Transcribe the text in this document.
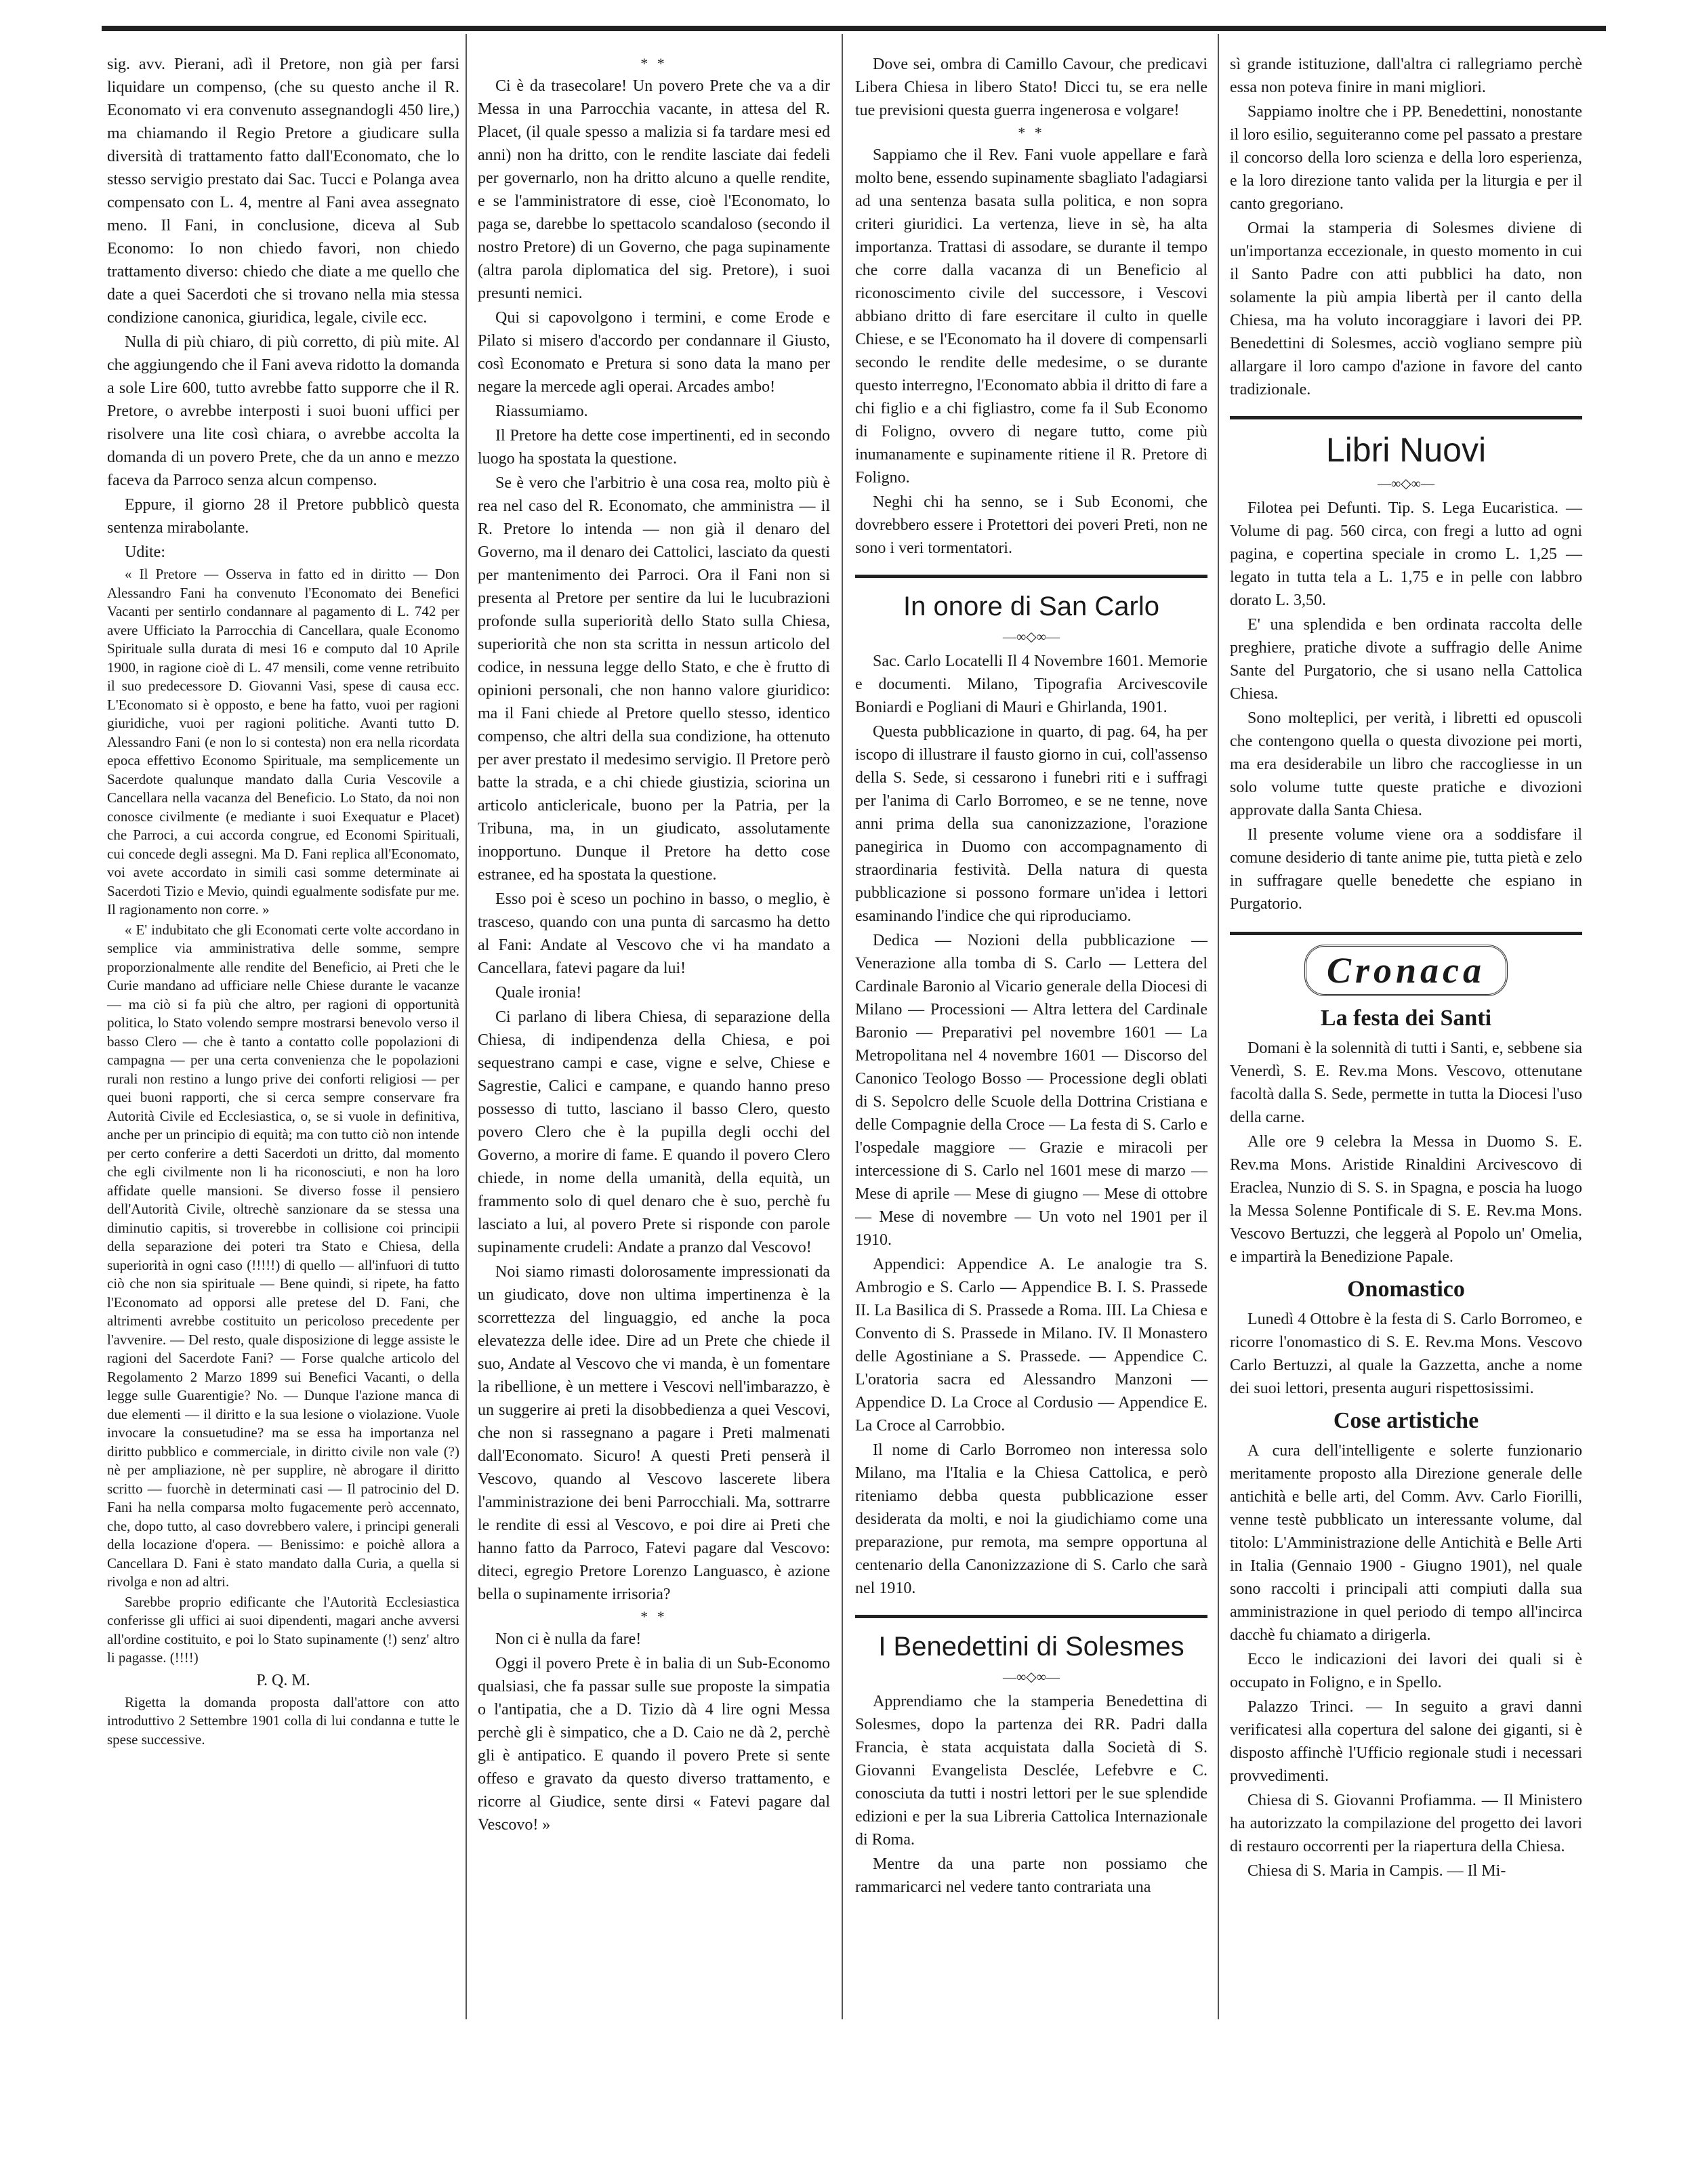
sig. avv. Pierani, adì il Pretore, non già per farsi liquidare un compenso, (che su questo anche il R. Economato vi era convenuto assegnandogli 450 lire,) ma chiamando il Regio Pretore a giudicare sulla diversità di trattamento fatto dall'Economato, che lo stesso servigio prestato dai Sac. Tucci e Polanga avea compensato con L. 4, mentre al Fani avea assegnato meno. Il Fani, in conclusione, diceva al Sub Economo: Io non chiedo favori, non chiedo trattamento diverso: chiedo che diate a me quello che date a quei Sacerdoti che si trovano nella mia stessa condizione canonica, giuridica, legale, civile ecc.

Nulla di più chiaro, di più corretto, di più mite. Al che aggiungendo che il Fani aveva ridotto la domanda a sole Lire 600, tutto avrebbe fatto supporre che il R. Pretore, o avrebbe interposti i suoi buoni uffici per risolvere una lite così chiara, o avrebbe accolta la domanda di un povero Prete, che da un anno e mezzo faceva da Parroco senza alcun compenso.

Eppure, il giorno 28 il Pretore pubblicò questa sentenza mirabolante.

Udite:

« Il Pretore — Osserva in fatto ed in diritto — Don Alessandro Fani ha convenuto l'Economato dei Benefici Vacanti per sentirlo condannare al pagamento di L. 742 per avere Ufficiato la Parrocchia di Cancellara, quale Economo Spirituale sulla durata di mesi 16 e computo dal 10 Aprile 1900, in ragione cioè di L. 47 mensili, come venne retribuito il suo predecessore D. Giovanni Vasi, spese di causa ecc. L'Economato si è opposto, e bene ha fatto, vuoi per ragioni giuridiche, vuoi per ragioni politiche. Avanti tutto D. Alessandro Fani (e non lo si contesta) non era nella ricordata epoca effettivo Economo Spirituale, ma semplicemente un Sacerdote qualunque mandato dalla Curia Vescovile a Cancellara nella vacanza del Beneficio. Lo Stato, da noi non conosce civilmente (e mediante i suoi Exequatur e Placet) che Parroci, a cui accorda congrue, ed Economi Spirituali, cui concede degli assegni. Ma D. Fani replica all'Economato, voi avete accordato in simili casi somme determinate ai Sacerdoti Tizio e Mevio, quindi egualmente sodisfate pur me. Il ragionamento non corre. »

« E' indubitato che gli Economati certe volte accordano in semplice via amministrativa delle somme, sempre proporzionalmente alle rendite del Beneficio, ai Preti che le Curie mandano ad ufficiare nelle Chiese durante le vacanze — ma ciò si fa più che altro, per ragioni di opportunità politica, lo Stato volendo sempre mostrarsi benevolo verso il basso Clero — che è tanto a contatto colle popolazioni di campagna — per una certa convenienza che le popolazioni rurali non restino a lungo prive dei conforti religiosi — per quei buoni rapporti, che si cerca sempre conservare fra Autorità Civile ed Ecclesiastica, o, se si vuole in definitiva, anche per un principio di equità; ma con tutto ciò non intende per certo conferire a detti Sacerdoti un dritto, dal momento che egli civilmente non li ha riconosciuti, e non ha loro affidate quelle mansioni. Se diverso fosse il pensiero dell'Autorità Civile, oltrechè sanzionare da se stessa una diminutio capitis, si troverebbe in collisione coi principii della separazione dei poteri tra Stato e Chiesa, della superiorità in ogni caso (!!!!!) di quello — all'infuori di tutto ciò che non sia spirituale — Bene quindi, si ripete, ha fatto l'Economato ad opporsi alle pretese del D. Fani, che altrimenti avrebbe costituito un pericoloso precedente per l'avvenire. — Del resto, quale disposizione di legge assiste le ragioni del Sacerdote Fani? — Forse qualche articolo del Regolamento 2 Marzo 1899 sui Benefici Vacanti, o della legge sulle Guarentigie? No. — Dunque l'azione manca di due elementi — il diritto e la sua lesione o violazione. Vuole invocare la consuetudine? ma se essa ha importanza nel diritto pubblico e commerciale, in diritto civile non vale (?) nè per ampliazione, nè per supplire, nè abrogare il diritto scritto — fuorchè in determinati casi — Il patrocinio del D. Fani ha nella comparsa molto fugacemente però accennato, che, dopo tutto, al caso dovrebbero valere, i principi generali della locazione d'opera. — Benissimo: e poichè allora a Cancellara D. Fani è stato mandato dalla Curia, a quella si rivolga e non ad altri.

Sarebbe proprio edificante che l'Autorità Ecclesiastica conferisse gli uffici ai suoi dipendenti, magari anche avversi all'ordine costituito, e poi lo Stato supinamente (!) senz' altro li pagasse. (!!!!)

P. Q. M.

Rigetta la domanda proposta dall'attore con atto introduttivo 2 Settembre 1901 colla di lui condanna e tutte le spese successive.

* *

Ci è da trasecolare! Un povero Prete che va a dir Messa in una Parrocchia vacante, in attesa del R. Placet, (il quale spesso a malizia si fa tardare mesi ed anni) non ha dritto, con le rendite lasciate dai fedeli per governarlo, non ha dritto alcuno a quelle rendite, e se l'amministratore di esse, cioè l'Economato, lo paga se, darebbe lo spettacolo scandaloso (secondo il nostro Pretore) di un Governo, che paga supinamente (altra parola diplomatica del sig. Pretore), i suoi presunti nemici.

Qui si capovolgono i termini, e come Erode e Pilato si misero d'accordo per condannare il Giusto, così Economato e Pretura si sono data la mano per negare la mercede agli operai. Arcades ambo!

Riassumiamo.

Il Pretore ha dette cose impertinenti, ed in secondo luogo ha spostata la questione.

Se è vero che l'arbitrio è una cosa rea, molto più è rea nel caso del R. Economato, che amministra — il R. Pretore lo intenda — non già il denaro del Governo, ma il denaro dei Cattolici, lasciato da questi per mantenimento dei Parroci. Ora il Fani non si presenta al Pretore per sentire da lui le lucubrazioni profonde sulla superiorità dello Stato sulla Chiesa, superiorità che non sta scritta in nessun articolo del codice, in nessuna legge dello Stato, e che è frutto di opinioni personali, che non hanno valore giuridico: ma il Fani chiede al Pretore quello stesso, identico compenso, che altri della sua condizione, ha ottenuto per aver prestato il medesimo servigio. Il Pretore però batte la strada, e a chi chiede giustizia, sciorina un articolo anticlericale, buono per la Patria, per la Tribuna, ma, in un giudicato, assolutamente inopportuno. Dunque il Pretore ha detto cose estranee, ed ha spostata la questione.

Esso poi è sceso un pochino in basso, o meglio, è trasceso, quando con una punta di sarcasmo ha detto al Fani: Andate al Vescovo che vi ha mandato a Cancellara, fatevi pagare da lui!

Quale ironia!

Ci parlano di libera Chiesa, di separazione della Chiesa, di indipendenza della Chiesa, e poi sequestrano campi e case, vigne e selve, Chiese e Sagrestie, Calici e campane, e quando hanno preso possesso di tutto, lasciano il basso Clero, questo povero Clero che è la pupilla degli occhi del Governo, a morire di fame. E quando il povero Clero chiede, in nome della umanità, della equità, un frammento solo di quel denaro che è suo, perchè fu lasciato a lui, al povero Prete si risponde con parole supinamente crudeli: Andate a pranzo dal Vescovo!

Noi siamo rimasti dolorosamente impressionati da un giudicato, dove non ultima impertinenza è la scorrettezza del linguaggio, ed anche la poca elevatezza delle idee. Dire ad un Prete che chiede il suo, Andate al Vescovo che vi manda, è un fomentare la ribellione, è un mettere i Vescovi nell'imbarazzo, è un suggerire ai preti la disobbedienza a quei Vescovi, che non si rassegnano a pagare i Preti malmenati dall'Economato. Sicuro! A questi Preti penserà il Vescovo, quando al Vescovo lascerete libera l'amministrazione dei beni Parrocchiali. Ma, sottrarre le rendite di essi al Vescovo, e poi dire ai Preti che hanno fatto da Parroco, Fatevi pagare dal Vescovo: diteci, egregio Pretore Lorenzo Languasco, è azione bella o supinamente irrisoria?

* *

Non ci è nulla da fare!

Oggi il povero Prete è in balia di un Sub-Economo qualsiasi, che fa passar sulle sue proposte la simpatia o l'antipatia, che a D. Tizio dà 4 lire ogni Messa perchè gli è simpatico, che a D. Caio ne dà 2, perchè gli è antipatico. E quando il povero Prete si sente offeso e gravato da questo diverso trattamento, e ricorre al Giudice, sente dirsi « Fatevi pagare dal Vescovo! »

Dove sei, ombra di Camillo Cavour, che predicavi Libera Chiesa in libero Stato! Dicci tu, se era nelle tue previsioni questa guerra ingenerosa e volgare!

* *

Sappiamo che il Rev. Fani vuole appellare e farà molto bene, essendo supinamente sbagliato l'adagiarsi ad una sentenza basata sulla politica, e non sopra criteri giuridici. La vertenza, lieve in sè, ha alta importanza. Trattasi di assodare, se durante il tempo che corre dalla vacanza di un Beneficio al riconoscimento civile del successore, i Vescovi abbiano dritto di fare esercitare il culto in quelle Chiese, e se l'Economato ha il dovere di compensarli secondo le rendite delle medesime, o se durante questo interregno, l'Economato abbia il dritto di fare a chi figlio e a chi figliastro, come fa il Sub Economo di Foligno, ovvero di negare tutto, come più inumanamente e supinamente ritiene il R. Pretore di Foligno.

Neghi chi ha senno, se i Sub Economi, che dovrebbero essere i Protettori dei poveri Preti, non ne sono i veri tormentatori.

In onore di San Carlo
—∞◇∞—

Sac. Carlo Locatelli Il 4 Novembre 1601. Memorie e documenti. Milano, Tipografia Arcivescovile Boniardi e Pogliani di Mauri e Ghirlanda, 1901.

Questa pubblicazione in quarto, di pag. 64, ha per iscopo di illustrare il fausto giorno in cui, coll'assenso della S. Sede, si cessarono i funebri riti e i suffragi per l'anima di Carlo Borromeo, e se ne tenne, nove anni prima della sua canonizzazione, l'orazione panegirica in Duomo con accompagnamento di straordinaria festività. Della natura di questa pubblicazione si possono formare un'idea i lettori esaminando l'indice che qui riproduciamo.

Dedica — Nozioni della pubblicazione — Venerazione alla tomba di S. Carlo — Lettera del Cardinale Baronio al Vicario generale della Diocesi di Milano — Processioni — Altra lettera del Cardinale Baronio — Preparativi pel novembre 1601 — La Metropolitana nel 4 novembre 1601 — Discorso del Canonico Teologo Bosso — Processione degli oblati di S. Sepolcro delle Scuole della Dottrina Cristiana e delle Compagnie della Croce — La festa di S. Carlo e l'ospedale maggiore — Grazie e miracoli per intercessione di S. Carlo nel 1601 mese di marzo — Mese di aprile — Mese di giugno — Mese di ottobre — Mese di novembre — Un voto nel 1901 per il 1910.

Appendici: Appendice A. Le analogie tra S. Ambrogio e S. Carlo — Appendice B. I. S. Prassede II. La Basilica di S. Prassede a Roma. III. La Chiesa e Convento di S. Prassede in Milano. IV. Il Monastero delle Agostiniane a S. Prassede. — Appendice C. L'oratoria sacra ed Alessandro Manzoni — Appendice D. La Croce al Cordusio — Appendice E. La Croce al Carrobbio.

Il nome di Carlo Borromeo non interessa solo Milano, ma l'Italia e la Chiesa Cattolica, e però riteniamo debba questa pubblicazione esser desiderata da molti, e noi la giudichiamo come una preparazione, pur remota, ma sempre opportuna al centenario della Canonizzazione di S. Carlo che sarà nel 1910.

I Benedettini di Solesmes
—∞◇∞—

Apprendiamo che la stamperia Benedettina di Solesmes, dopo la partenza dei RR. Padri dalla Francia, è stata acquistata dalla Società di S. Giovanni Evangelista Desclée, Lefebvre e C. conosciuta da tutti i nostri lettori per le sue splendide edizioni e per la sua Libreria Cattolica Internazionale di Roma.

Mentre da una parte non possiamo che rammaricarci nel vedere tanto contrariata una

sì grande istituzione, dall'altra ci rallegriamo perchè essa non poteva finire in mani migliori.

Sappiamo inoltre che i PP. Benedettini, nonostante il loro esilio, seguiteranno come pel passato a prestare il concorso della loro scienza e della loro esperienza, e la loro direzione tanto valida per la liturgia e per il canto gregoriano.

Ormai la stamperia di Solesmes diviene di un'importanza eccezionale, in questo momento in cui il Santo Padre con atti pubblici ha dato, non solamente la più ampia libertà per il canto della Chiesa, ma ha voluto incoraggiare i lavori dei PP. Benedettini di Solesmes, acciò vogliano sempre più allargare il loro campo d'azione in favore del canto tradizionale.

Libri Nuovi
—∞◇∞—

Filotea pei Defunti. Tip. S. Lega Eucaristica. — Volume di pag. 560 circa, con fregi a lutto ad ogni pagina, e copertina speciale in cromo L. 1,25 — legato in tutta tela a L. 1,75 e in pelle con labbro dorato L. 3,50.

E' una splendida e ben ordinata raccolta delle preghiere, pratiche divote a suffragio delle Anime Sante del Purgatorio, che si usano nella Cattolica Chiesa.

Sono molteplici, per verità, i libretti ed opuscoli che contengono quella o questa divozione pei morti, ma era desiderabile un libro che raccogliesse in un solo volume tutte queste pratiche e divozioni approvate dalla Santa Chiesa.

Il presente volume viene ora a soddisfare il comune desiderio di tante anime pie, tutta pietà e zelo in suffragare quelle benedette che espiano in Purgatorio.

Cronaca
La festa dei Santi

Domani è la solennità di tutti i Santi, e, sebbene sia Venerdì, S. E. Rev.ma Mons. Vescovo, ottenutane facoltà dalla S. Sede, permette in tutta la Diocesi l'uso della carne.

Alle ore 9 celebra la Messa in Duomo S. E. Rev.ma Mons. Aristide Rinaldini Arcivescovo di Eraclea, Nunzio di S. S. in Spagna, e poscia ha luogo la Messa Solenne Pontificale di S. E. Rev.ma Mons. Vescovo Bertuzzi, che leggerà al Popolo un' Omelia, e impartirà la Benedizione Papale.

Onomastico

Lunedì 4 Ottobre è la festa di S. Carlo Borromeo, e ricorre l'onomastico di S. E. Rev.ma Mons. Vescovo Carlo Bertuzzi, al quale la Gazzetta, anche a nome dei suoi lettori, presenta auguri rispettosissimi.

Cose artistiche

A cura dell'intelligente e solerte funzionario meritamente proposto alla Direzione generale delle antichità e belle arti, del Comm. Avv. Carlo Fiorilli, venne testè pubblicato un interessante volume, dal titolo: L'Amministrazione delle Antichità e Belle Arti in Italia (Gennaio 1900 - Giugno 1901), nel quale sono raccolti i principali atti compiuti dalla sua amministrazione in quel periodo di tempo all'incirca dacchè fu chiamato a dirigerla.

Ecco le indicazioni dei lavori dei quali si è occupato in Foligno, e in Spello.

Palazzo Trinci. — In seguito a gravi danni verificatesi alla copertura del salone dei giganti, si è disposto affinchè l'Ufficio regionale studi i necessari provvedimenti.

Chiesa di S. Giovanni Profiamma. — Il Ministero ha autorizzato la compilazione del progetto dei lavori di restauro occorrenti per la riapertura della Chiesa.

Chiesa di S. Maria in Campis. — Il Mi-
